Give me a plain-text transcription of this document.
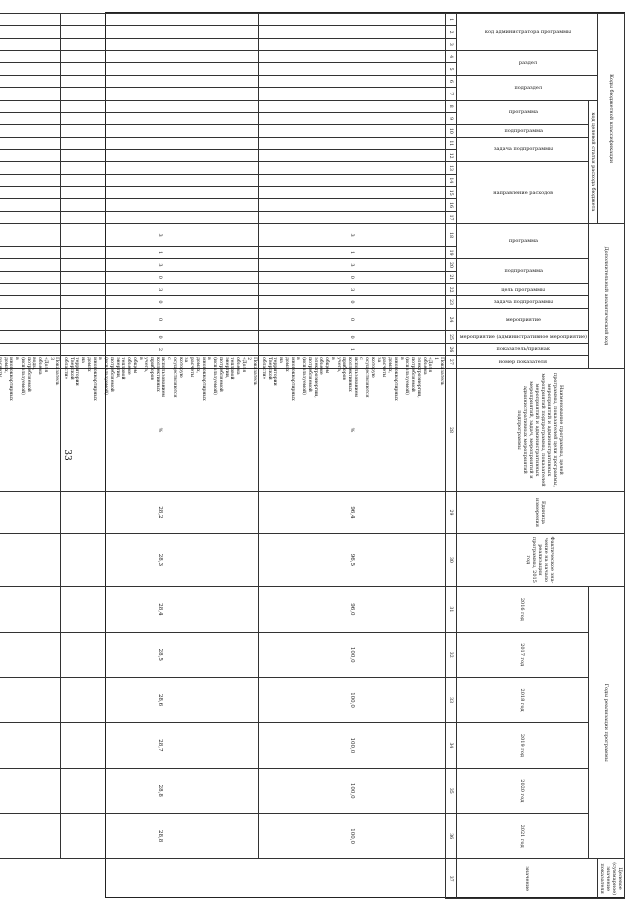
33
Коды бюджетной классификации																	Дополнительный аналитический код										Наименование программы, целей программы, показателей цели программы, мероприятий и административных мероприятий подпрограммы, показателей мероприятий и административных мероприятий, задач, мероприятий и административных мероприятий подпрограммы	Единица измерения	Фактическое зна-чение на начало реализации программы, 2015 год	Годы реализации программы						Целевое (суммарное) значение показателя
код администратора программы			раздел		подраздел		код целевой статьи расхода бюджета																													значение
							программа		подпрограмма	задача подпрограммы		направление расходов					программа		подпрограмма		цель программы	задача подпрограммы	мероприятие	мероприятие (административное мероприятие)	показатель/признак	номер показателя				2016 год	2017 год	2018 год	2019 год	2020 год	2021 год	
1	2	3	4	5	6	7	8	9	10	11	12	13	14	15	16	17	18	19	20	21	22	23	24	25	26	27	28	29	30	31	32	33	34	35	36	37
																	3	1	3	0	3	0	0	0	1	Показатель 1 «Доля объема электроэнергии, потребляемой (используемой) в многоквартирных домах, расчеты за которую осуществляются с использованием коллективных приборов учета, в общем объеме электроэнергии, потребляемой (используемой) в многоквартирных домах на территории Тверской области»	%	96,4	96,5	96,0	100,0	100,0	100,0	100,0	100,0	
																	3	1	3	0	3	0	0	0	2	Показатель 2 «Доля объема тепловой энергии, потребляемой (используемой) в многоквартирных домах, расчеты за которую осуществляются с использованием коллективных приборов учета, в общем объеме тепловой энергии, потребляемой (используемой) в многоквартирных домах на территории Тверской области»	%	28,2	28,3	28,4	28,5	28,6	28,7	28,8	28,8	
																										Показатель 3 «Доля объема воды, потребляемой (используемой) в многоквартирных домах,									
